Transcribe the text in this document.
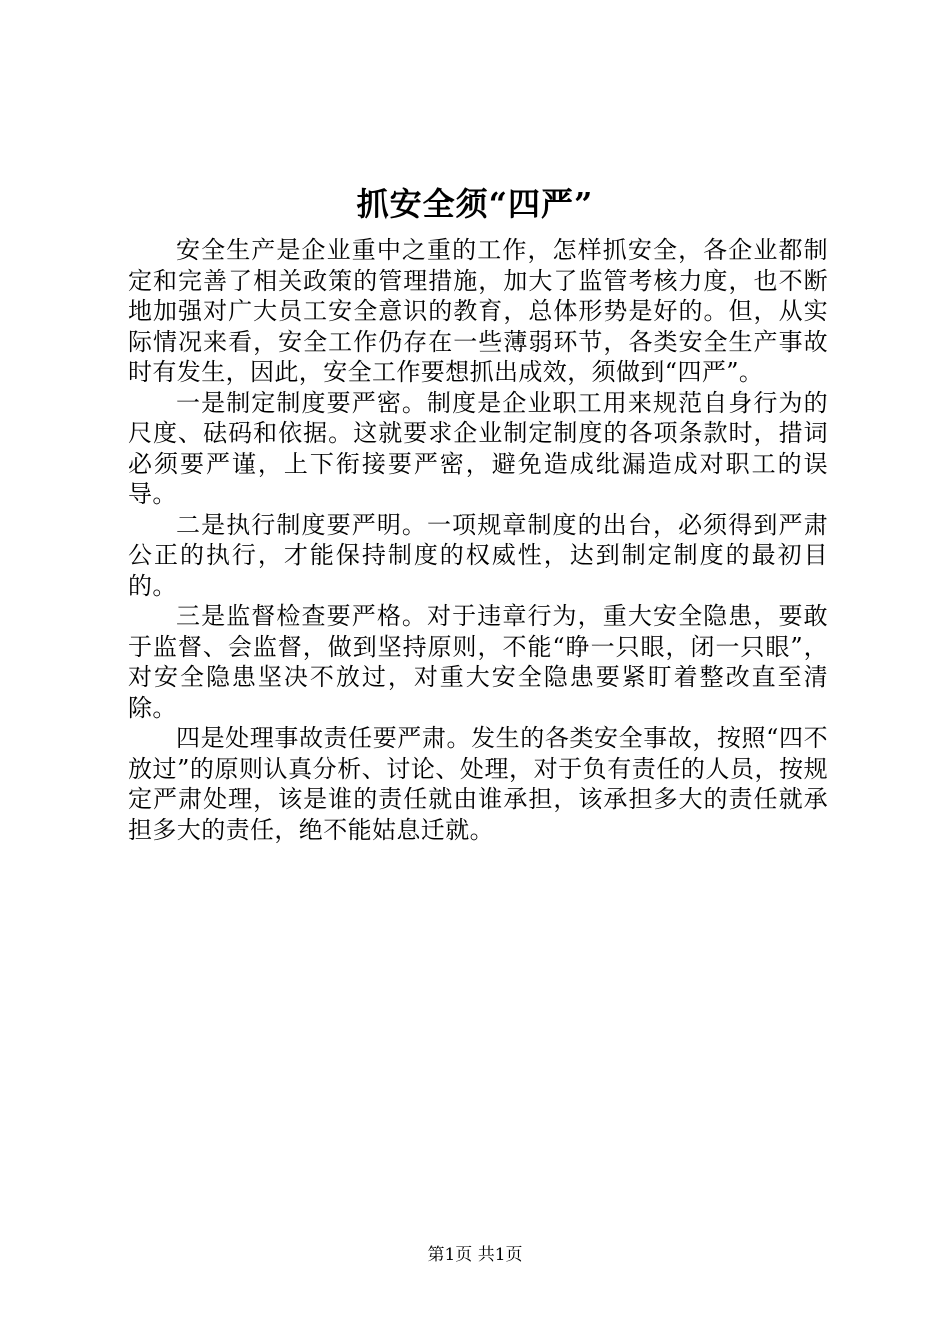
抓安全须“四严”

安全生产是企业重中之重的工作，怎样抓安全，各企业都制定和完善了相关政策的管理措施，加大了监管考核力度，也不断地加强对广大员工安全意识的教育，总体形势是好的。但，从实际情况来看，安全工作仍存在一些薄弱环节，各类安全生产事故时有发生，因此，安全工作要想抓出成效，须做到“四严”。

一是制定制度要严密。制度是企业职工用来规范自身行为的尺度、砝码和依据。这就要求企业制定制度的各项条款时，措词必须要严谨，上下衔接要严密，避免造成纰漏造成对职工的误导。

二是执行制度要严明。一项规章制度的出台，必须得到严肃公正的执行，才能保持制度的权威性，达到制定制度的最初目的。

三是监督检查要严格。对于违章行为，重大安全隐患，要敢于监督、会监督，做到坚持原则，不能“睁一只眼，闭一只眼”，对安全隐患坚决不放过，对重大安全隐患要紧盯着整改直至清除。

四是处理事故责任要严肃。发生的各类安全事故，按照“四不放过”的原则认真分析、讨论、处理，对于负有责任的人员，按规定严肃处理，该是谁的责任就由谁承担，该承担多大的责任就承担多大的责任，绝不能姑息迁就。

第1页 共1页
